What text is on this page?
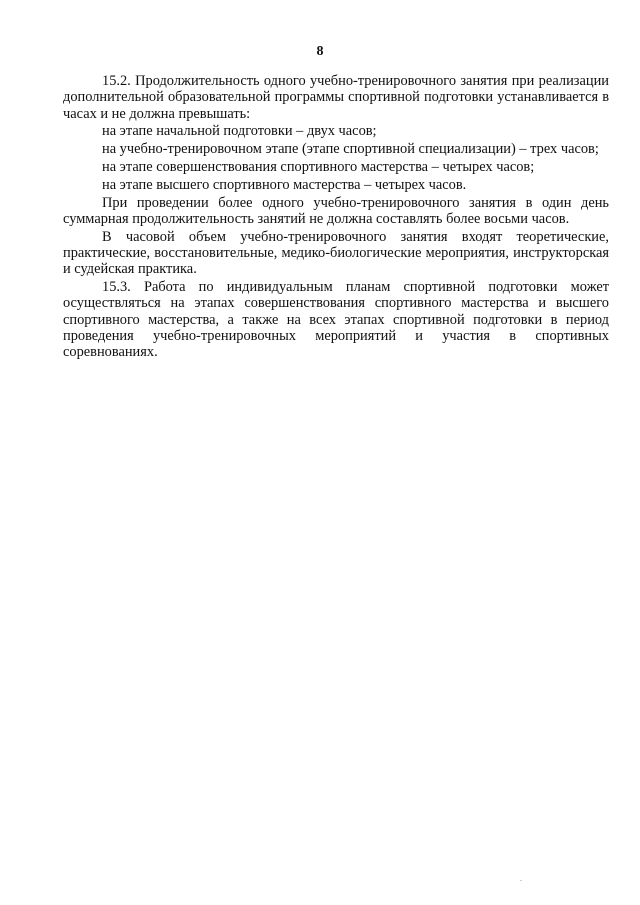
8

15.2. Продолжительность одного учебно-тренировочного занятия при реализации дополнительной образовательной программы спортивной подготовки устанавливается в часах и не должна превышать:

на этапе начальной подготовки – двух часов;

на учебно-тренировочном этапе (этапе спортивной специализации) – трех часов;

на этапе совершенствования спортивного мастерства – четырех часов;

на этапе высшего спортивного мастерства – четырех часов.

При проведении более одного учебно-тренировочного занятия в один день суммарная продолжительность занятий не должна составлять более восьми часов.

В часовой объем учебно-тренировочного занятия входят теоретические, практические, восстановительные, медико-биологические мероприятия, инструкторская и судейская практика.

15.3. Работа по индивидуальным планам спортивной подготовки может осуществляться на этапах совершенствования спортивного мастерства и высшего спортивного мастерства, а также на всех этапах спортивной подготовки в период проведения учебно-тренировочных мероприятий и участия в спортивных соревнованиях.
